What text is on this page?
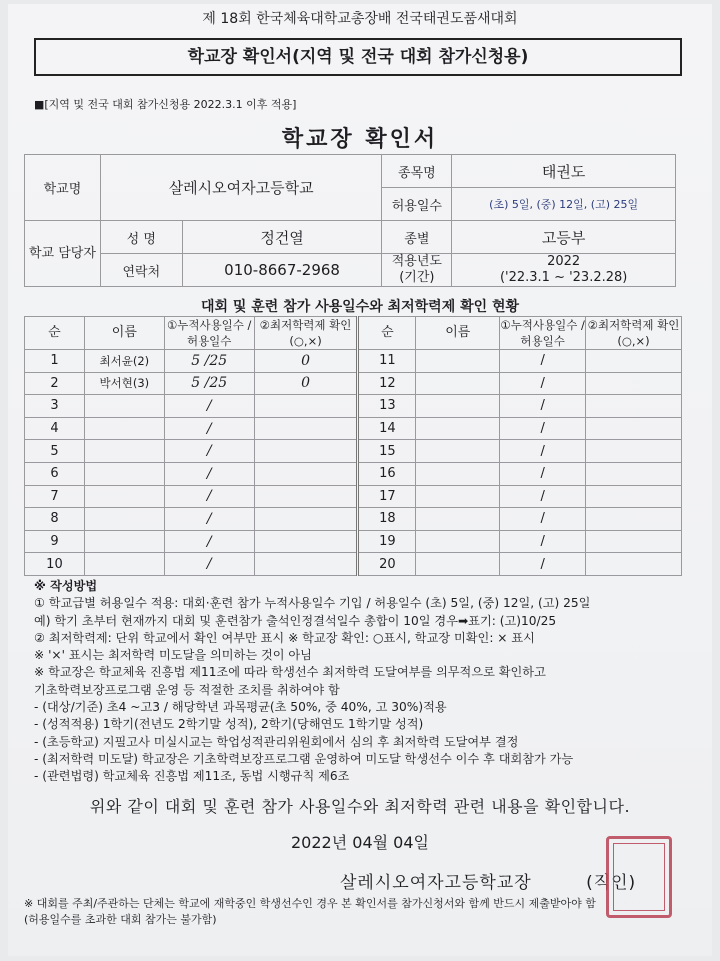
제 18회 한국체육대학교총장배 전국태권도품새대회
학교장 확인서(지역 및 전국 대회 참가신청용)
■[지역 및 전국 대회 참가신청용 2022.3.1 이후 적용]
학교장 확인서
학교명	살레시오여자고등학교		종목명	태권도
			허용일수	(초) 5일, (중) 12일, (고) 25일
학교 담당자	성 명	정건열	종별	고등부
	연락처	010-8667-2968	적용년도 (기간)	2022
('22.3.1 ~ '23.2.28)
대회 및 훈련 참가 사용일수와 최저학력제 확인 현황
순	이름	①누적사용일수 /허용일수	②최저학력제 확인(○,×)	순	이름	①누적사용일수 /허용일수	②최저학력제 확인(○,×)
1	최서윤(2)	5 /25	0	11		/	
2	박서현(3)	5 /25	0	12		/	
3		/		13		/	
4		/		14		/	
5		/		15		/	
6		/		16		/	
7		/		17		/	
8		/		18		/	
9		/		19		/	
10		/		20		/	
※ 작성방법
① 학교급별 허용일수 적용: 대회·훈련 참가 누적사용일수 기입 / 허용일수 (초) 5일, (중) 12일, (고) 25일
예) 학기 초부터 현재까지 대회 및 훈련참가 출석인정결석일수 총합이 10일 경우➡표기: (고)10/25
② 최저학력제: 단위 학교에서 확인 여부만 표시 ※ 학교장 확인: ○표시, 학교장 미확인: × 표시
※ '×' 표시는 최저학력 미도달을 의미하는 것이 아님
※ 학교장은 학교체육 진흥법 제11조에 따라 학생선수 최저학력 도달여부를 의무적으로 확인하고
기초학력보장프로그램 운영 등 적절한 조치를 취하여야 함
- (대상/기준) 초4 ~고3 / 해당학년 과목평균(초 50%, 중 40%, 고 30%)적용
- (성적적용) 1학기(전년도 2학기말 성적), 2학기(당해연도 1학기말 성적)
- (초등학교) 지필고사 미실시교는 학업성적관리위원회에서 심의 후 최저학력 도달여부 결정
- (최저학력 미도달) 학교장은 기초학력보장프로그램 운영하여 미도달 학생선수 이수 후 대회참가 가능
- (관련법령) 학교체육 진흥법 제11조, 동법 시행규칙 제6조
위와 같이 대회 및 훈련 참가 사용일수와 최저학력 관련 내용을 확인합니다.
2022년 04월 04일
살레시오여자고등학교장	(직인)
※ 대회를 주최/주관하는 단체는 학교에 재학중인 학생선수인 경우 본 확인서를 참가신청서와 함께 반드시 제출받아야 함
(허용일수를 초과한 대회 참가는 불가함)
